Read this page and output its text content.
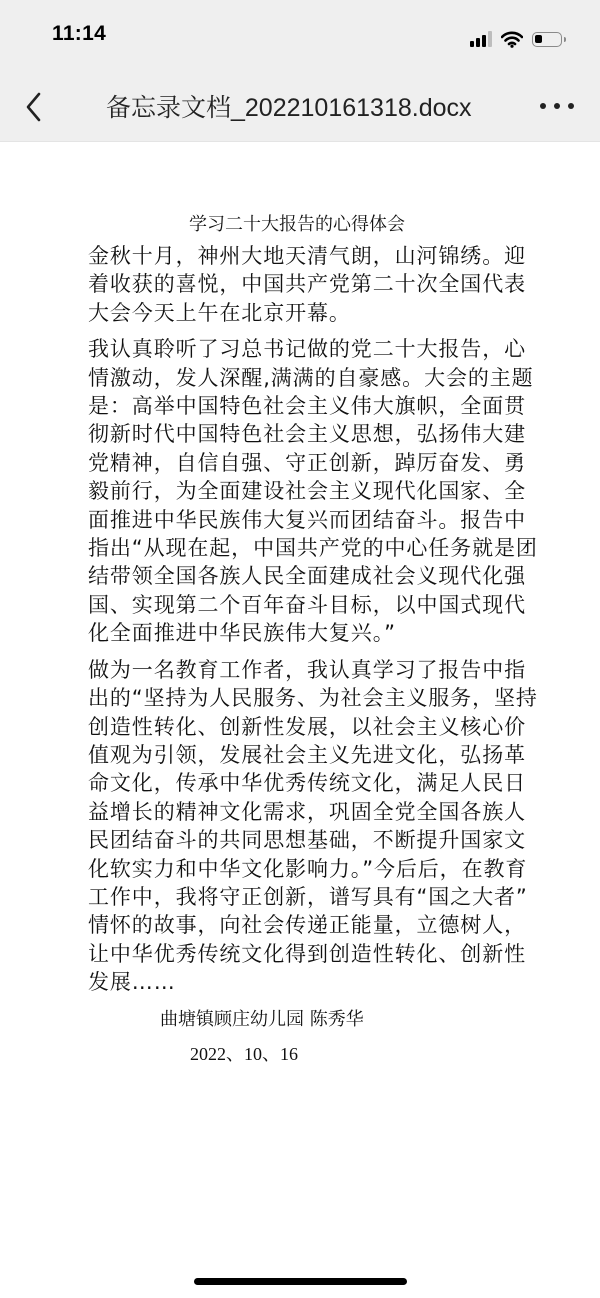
11:14
备忘录文档_202210161318.docx
学习二十大报告的心得体会
金秋十月，神州大地天清气朗，山河锦绣。迎
着收获的喜悦，中国共产党第二十次全国代表
大会今天上午在北京开幕。
我认真聆听了习总书记做的党二十大报告，心
情激动，发人深醒,满满的自豪感。大会的主题
是：高举中国特色社会主义伟大旗帜，全面贯
彻新时代中国特色社会主义思想，弘扬伟大建
党精神，自信自强、守正创新，踔厉奋发、勇
毅前行，为全面建设社会主义现代化国家、全
面推进中华民族伟大复兴而团结奋斗。报告中
指出“从现在起，中国共产党的中心任务就是团
结带领全国各族人民全面建成社会义现代化强
国、实现第二个百年奋斗目标，以中国式现代
化全面推进中华民族伟大复兴。”
做为一名教育工作者，我认真学习了报告中指
出的“坚持为人民服务、为社会主义服务，坚持
创造性转化、创新性发展，以社会主义核心价
值观为引领，发展社会主义先进文化，弘扬革
命文化，传承中华优秀传统文化，满足人民日
益增长的精神文化需求，巩固全党全国各族人
民团结奋斗的共同思想基础，不断提升国家文
化软实力和中华文化影响力。”今后后，在教育
工作中，我将守正创新，谱写具有“国之大者”
情怀的故事，向社会传递正能量，立德树人，
让中华优秀传统文化得到创造性转化、创新性
发展……
曲塘镇顾庄幼儿园 陈秀华
2022、10、16
